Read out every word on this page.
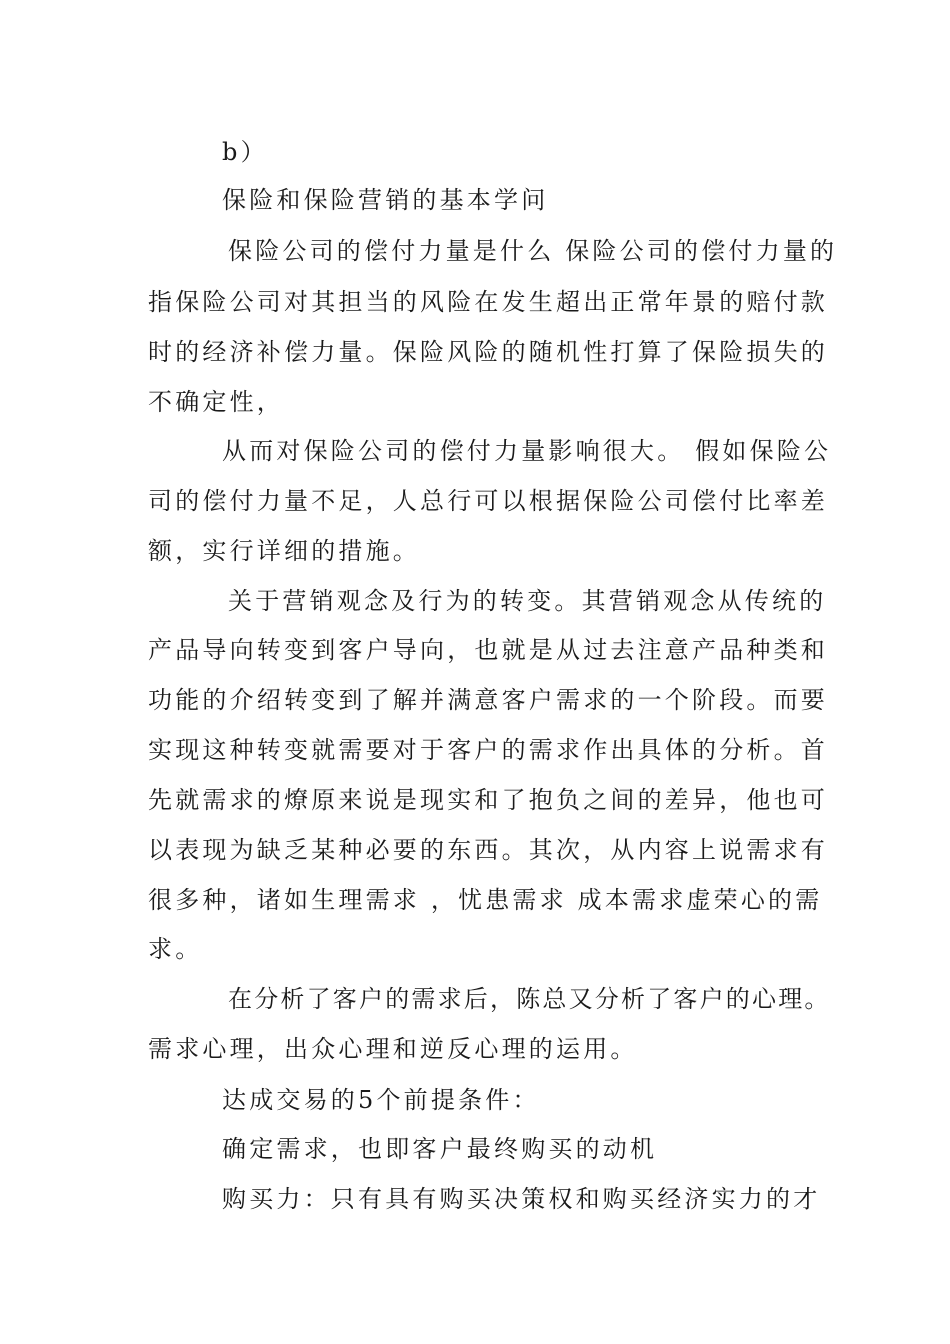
b）
保险和保险营销的基本学问
保险公司的偿付力量是什么 保险公司的偿付力量的
指保险公司对其担当的风险在发生超出正常年景的赔付款
时的经济补偿力量。保险风险的随机性打算了保险损失的
不确定性，
从而对保险公司的偿付力量影响很大。 假如保险公
司的偿付力量不足，人总行可以根据保险公司偿付比率差
额，实行详细的措施。
关于营销观念及行为的转变。其营销观念从传统的
产品导向转变到客户导向，也就是从过去注意产品种类和
功能的介绍转变到了解并满意客户需求的一个阶段。而要
实现这种转变就需要对于客户的需求作出具体的分析。首
先就需求的燎原来说是现实和了抱负之间的差异，他也可
以表现为缺乏某种必要的东西。其次，从内容上说需求有
很多种，诸如生理需求 ，忧患需求 成本需求虚荣心的需
求。
在分析了客户的需求后，陈总又分析了客户的心理。
需求心理，出众心理和逆反心理的运用。
达成交易的5个前提条件：
确定需求，也即客户最终购买的动机
购买力：只有具有购买决策权和购买经济实力的才
